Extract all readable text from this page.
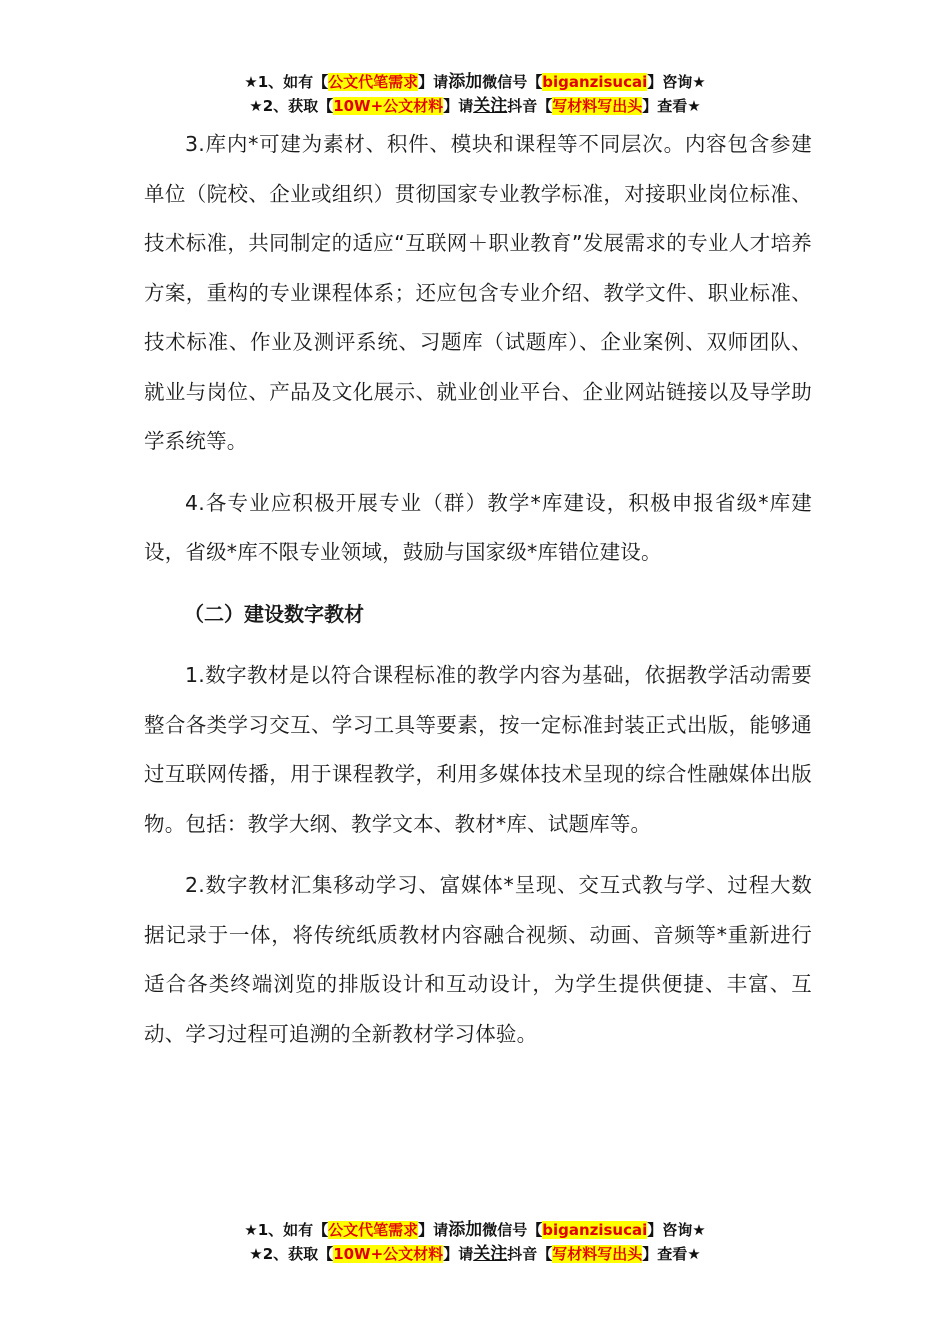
★1、如有【公文代笔需求】请添加微信号【biganzisucai】咨询★
★2、获取【10W+公文材料】请关注抖音【写材料写出头】查看★

3.库内*可建为素材、积件、模块和课程等不同层次。内容包含参建单位（院校、企业或组织）贯彻国家专业教学标准，对接职业岗位标准、技术标准，共同制定的适应“互联网＋职业教育”发展需求的专业人才培养方案，重构的专业课程体系；还应包含专业介绍、教学文件、职业标准、技术标准、作业及测评系统、习题库（试题库）、企业案例、双师团队、就业与岗位、产品及文化展示、就业创业平台、企业网站链接以及导学助学系统等。

4.各专业应积极开展专业（群）教学*库建设，积极申报省级*库建设，省级*库不限专业领域，鼓励与国家级*库错位建设。

（二）建设数字教材

1.数字教材是以符合课程标准的教学内容为基础，依据教学活动需要整合各类学习交互、学习工具等要素，按一定标准封装正式出版，能够通过互联网传播，用于课程教学，利用多媒体技术呈现的综合性融媒体出版物。包括：教学大纲、教学文本、教材*库、试题库等。

2.数字教材汇集移动学习、富媒体*呈现、交互式教与学、过程大数据记录于一体，将传统纸质教材内容融合视频、动画、音频等*重新进行适合各类终端浏览的排版设计和互动设计，为学生提供便捷、丰富、互动、学习过程可追溯的全新教材学习体验。

★1、如有【公文代笔需求】请添加微信号【biganzisucai】咨询★
★2、获取【10W+公文材料】请关注抖音【写材料写出头】查看★
